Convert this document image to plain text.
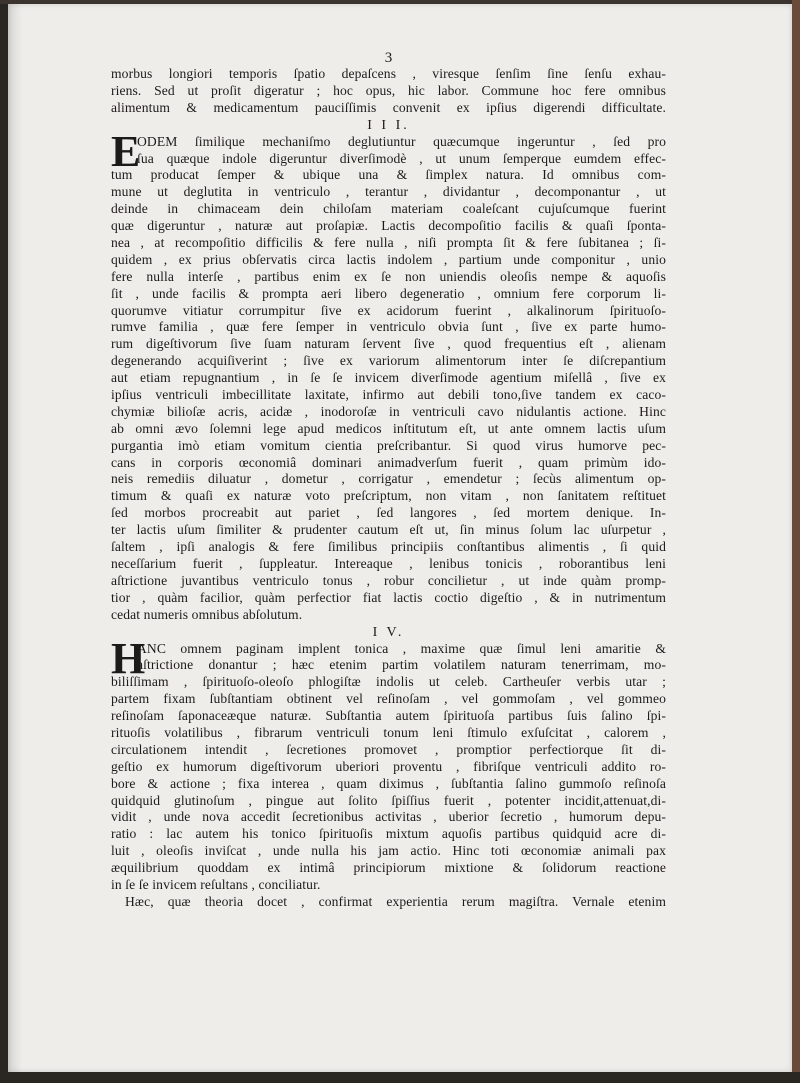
3
morbus longiori temporis ſpatio depaſcens , viresque ſenſim ſine ſenſu exhau-
riens. Sed ut proſit digeratur ; hoc opus, hic labor. Commune hoc fere omnibus
alimentum & medicamentum pauciſſimis convenit ex ipſius digerendi difficultate.
I I I.
E
ODEM ſimilique mechaniſmo deglutiuntur quæcumque ingeruntur , ſed pro
ſua quæque indole digeruntur diverſimodè , ut unum ſemperque eumdem effec-
tum producat ſemper & ubique una & ſimplex natura. Id omnibus com-
mune ut deglutita in ventriculo , terantur , dividantur , decomponantur , ut
deinde in chimaceam dein chiloſam materiam coaleſcant cujuſcumque fuerint
quæ digeruntur , naturæ aut proſapiæ. Lactis decompoſitio facilis & quaſi ſponta-
nea , at recompoſitio difficilis & fere nulla , niſi prompta ſit & fere ſubitanea ; ſi-
quidem , ex prius obſervatis circa lactis indolem , partium unde componitur , unio
fere nulla interſe , partibus enim ex ſe non uniendis oleoſis nempe & aquoſis
ſit , unde facilis & prompta aeri libero degeneratio , omnium fere corporum li-
quorumve vitiatur corrumpitur ſive ex acidorum fuerint , alkalinorum ſpirituoſo-
rumve familia , quæ fere ſemper in ventriculo obvia ſunt , ſive ex parte humo-
rum digeſtivorum ſive ſuam naturam ſervent ſive , quod frequentius eſt , alienam
degenerando acquiſiverint ; ſive ex variorum alimentorum inter ſe diſcrepantium
aut etiam repugnantium , in ſe ſe invicem diverſimode agentium miſellâ , ſive ex
ipſius ventriculi imbecillitate laxitate, infirmo aut debili tono,ſive tandem ex caco-
chymiæ bilioſæ acris, acidæ , inodoroſæ in ventriculi cavo nidulantis actione. Hinc
ab omni ævo ſolemni lege apud medicos inſtitutum eſt, ut ante omnem lactis uſum
purgantia imò etiam vomitum cientia preſcribantur. Si quod virus humorve pec-
cans in corporis œconomiâ dominari animadverſum fuerit , quam primùm ido-
neis remediis diluatur , dometur , corrigatur , emendetur ; ſecùs alimentum op-
timum & quaſi ex naturæ voto preſcriptum, non vitam , non ſanitatem reſtituet
ſed morbos procreabit aut pariet , ſed langores , ſed mortem denique. In-
ter lactis uſum ſimiliter & prudenter cautum eſt ut, ſin minus ſolum lac uſurpetur ,
ſaltem , ipſi analogis & fere ſimilibus principiis conſtantibus alimentis , ſi quid
neceſſarium fuerit , ſuppleatur. Intereaque , lenibus tonicis , roborantibus leni
aſtrictione juvantibus ventriculo tonus , robur concilietur , ut inde quàm promp-
tior , quàm facilior, quàm perfectior fiat lactis coctio digeſtio , & in nutrimentum
cedat numeris omnibus abſolutum.
I V.
H
ANC omnem paginam implent tonica , maxime quæ ſimul leni amaritie &
aſtrictione donantur ; hæc etenim partim volatilem naturam tenerrimam, mo-
biliſſimam , ſpirituoſo-oleoſo phlogiſtæ indolis ut celeb. Cartheuſer verbis utar ;
partem fixam ſubſtantiam obtinent vel reſinoſam , vel gommoſam , vel gommeo
reſinoſam ſaponaceæque naturæ. Subſtantia autem ſpirituoſa partibus ſuis ſalino ſpi-
rituoſis volatilibus , fibrarum ventriculi tonum leni ſtimulo exſuſcitat , calorem ,
circulationem intendit , ſecretiones promovet , promptior perfectiorque ſit di-
geſtio ex humorum digeſtivorum uberiori proventu , fibriſque ventriculi addito ro-
bore & actione ; fixa interea , quam diximus , ſubſtantia ſalino gummoſo reſinoſa
quidquid glutinoſum , pingue aut ſolito ſpiſſius fuerit , potenter incidit,attenuat,di-
vidit , unde nova accedit ſecretionibus activitas , uberior ſecretio , humorum depu-
ratio : lac autem his tonico ſpirituoſis mixtum aquoſis partibus quidquid acre di-
luit , oleoſis inviſcat , unde nulla his jam actio. Hinc toti œconomiæ animali pax
æquilibrium quoddam ex intimâ principiorum mixtione & ſolidorum reactione
in ſe ſe invicem reſultans , conciliatur.
Hæc, quæ theoria docet , confirmat experientia rerum magiſtra. Vernale etenim
